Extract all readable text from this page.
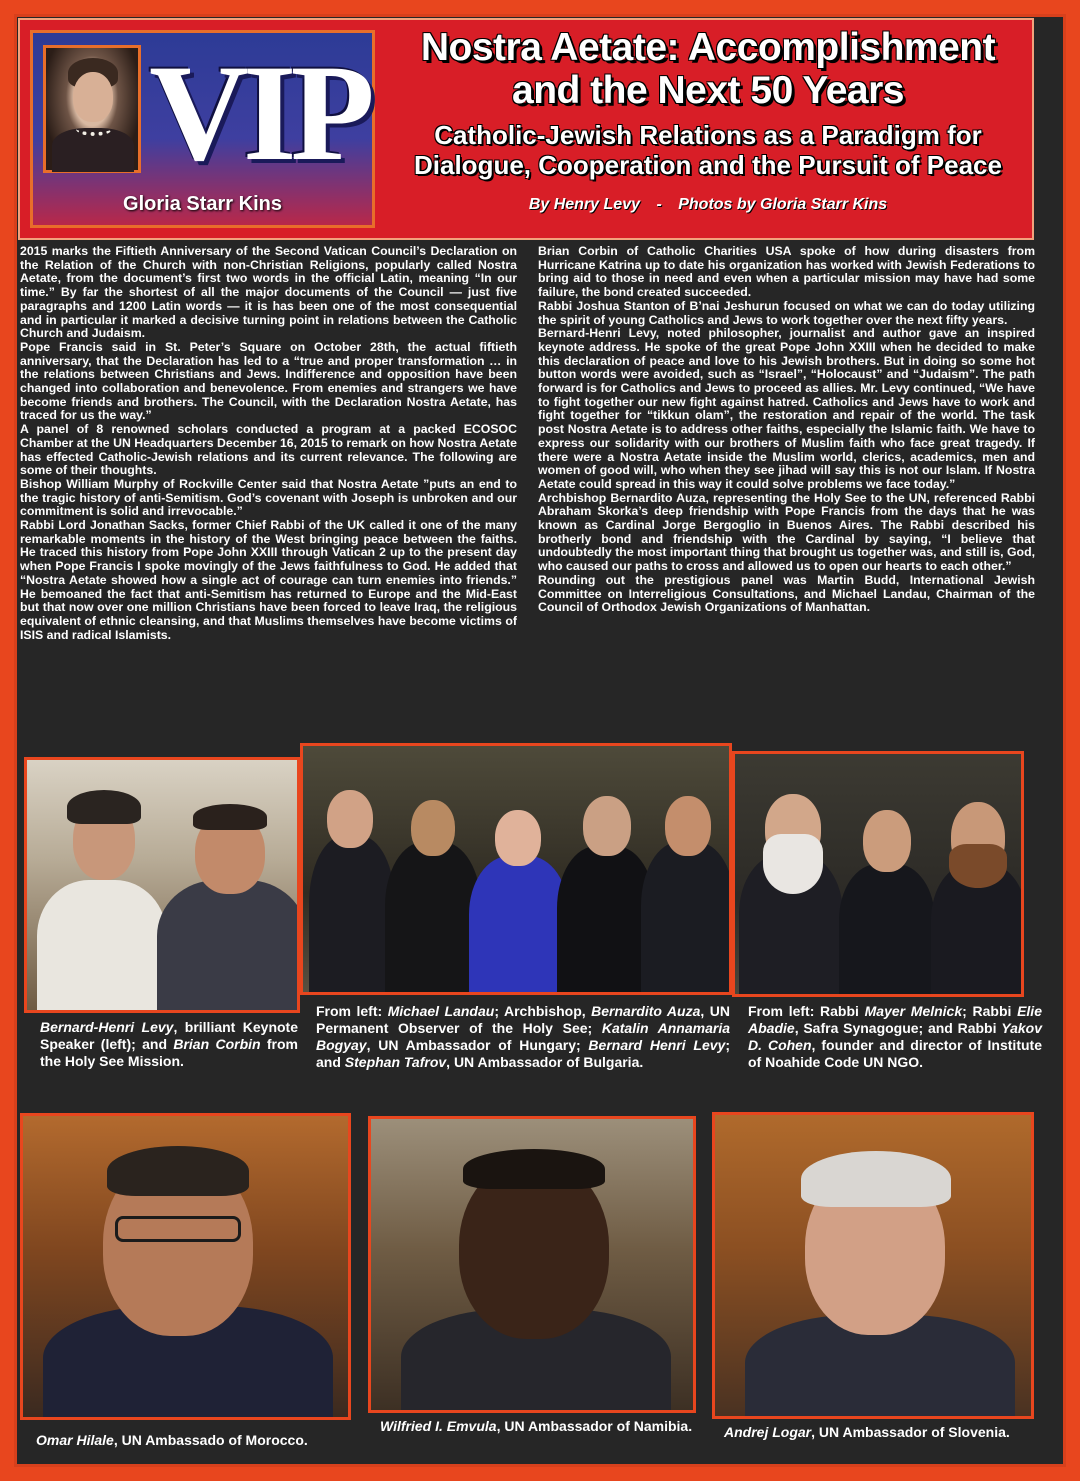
VIP
Gloria Starr Kins
Nostra Aetate: Accomplishment and the Next 50 Years
Catholic-Jewish Relations as a Paradigm for Dialogue, Cooperation and the Pursuit of Peace
By Henry Levy - Photos by Gloria Starr Kins

2015 marks the Fiftieth Anniversary of the Second Vatican Council’s Declaration on the Relation of the Church with non-Christian Religions, popularly called Nostra Aetate, from the document’s first two words in the official Latin, meaning “In our time.” By far the shortest of all the major documents of the Council — just five paragraphs and 1200 Latin words — it is has been one of the most consequential and in particular it marked a decisive turning point in relations between the Catholic Church and Judaism.

Pope Francis said in St. Peter’s Square on October 28th, the actual fiftieth anniversary, that the Declaration has led to a “true and proper transformation … in the relations between Christians and Jews. Indifference and opposition have been changed into collaboration and benevolence. From enemies and strangers we have become friends and brothers. The Council, with the Declaration Nostra Aetate, has traced for us the way.”

A panel of 8 renowned scholars conducted a program at a packed ECOSOC Chamber at the UN Headquarters December 16, 2015 to remark on how Nostra Aetate has effected Catholic-Jewish relations and its current relevance. The following are some of their thoughts.

Bishop William Murphy of Rockville Center said that Nostra Aetate ”puts an end to the tragic history of anti-Semitism. God’s covenant with Joseph is unbroken and our commitment is solid and irrevocable.”

Rabbi Lord Jonathan Sacks, former Chief Rabbi of the UK called it one of the many remarkable moments in the history of the West bringing peace between the faiths. He traced this history from Pope John XXIII through Vatican 2 up to the present day when Pope Francis I spoke movingly of the Jews faithfulness to God. He added that “Nostra Aetate showed how a single act of courage can turn enemies into friends.” He bemoaned the fact that anti-Semitism has returned to Europe and the Mid-East but that now over one million Christians have been forced to leave Iraq, the religious equivalent of ethnic cleansing, and that Muslims themselves have become victims of ISIS and radical Islamists.

Brian Corbin of Catholic Charities USA spoke of how during disasters from Hurricane Katrina up to date his organization has worked with Jewish Federations to bring aid to those in need and even when a particular mission may have had some failure, the bond created succeeded.

Rabbi Joshua Stanton of B’nai Jeshurun focused on what we can do today utilizing the spirit of young Catholics and Jews to work together over the next fifty years.

Bernard-Henri Levy, noted philosopher, journalist and author gave an inspired keynote address. He spoke of the great Pope John XXIII when he decided to make this declaration of peace and love to his Jewish brothers. But in doing so some hot button words were avoided, such as “Israel”, “Holocaust” and “Judaism”. The path forward is for Catholics and Jews to proceed as allies. Mr. Levy continued, “We have to fight together our new fight against hatred. Catholics and Jews have to work and fight together for “tikkun olam”, the restoration and repair of the world. The task post Nostra Aetate is to address other faiths, especially the Islamic faith. We have to express our solidarity with our brothers of Muslim faith who face great tragedy. If there were a Nostra Aetate inside the Muslim world, clerics, academics, men and women of good will, who when they see jihad will say this is not our Islam. If Nostra Aetate could spread in this way it could solve problems we face today.”

Archbishop Bernardito Auza, representing the Holy See to the UN, referenced Rabbi Abraham Skorka’s deep friendship with Pope Francis from the days that he was known as Cardinal Jorge Bergoglio in Buenos Aires. The Rabbi described his brotherly bond and friendship with the Cardinal by saying, “I believe that undoubtedly the most important thing that brought us together was, and still is, God, who caused our paths to cross and allowed us to open our hearts to each other.”

Rounding out the prestigious panel was Martin Budd, International Jewish Committee on Interreligious Consultations, and Michael Landau, Chairman of the Council of Orthodox Jewish Organizations of Manhattan.

Bernard-Henri Levy, brilliant Keynote Speaker (left); and Brian Corbin from the Holy See Mission.
From left: Michael Landau; Archbishop, Bernardito Auza, UN Permanent Observer of the Holy See; Katalin Annamaria Bogyay, UN Ambassador of Hungary; Bernard Henri Levy; and Stephan Tafrov, UN Ambassador of Bulgaria.
From left: Rabbi Mayer Melnick; Rabbi Elie Abadie, Safra Synagogue; and Rabbi Yakov D. Cohen, founder and director of Institute of Noahide Code UN NGO.
Omar Hilale, UN Ambassado of Morocco.
Wilfried I. Emvula, UN Ambassador of Namibia.	Andrej Logar, UN Ambassador of Slovenia.
